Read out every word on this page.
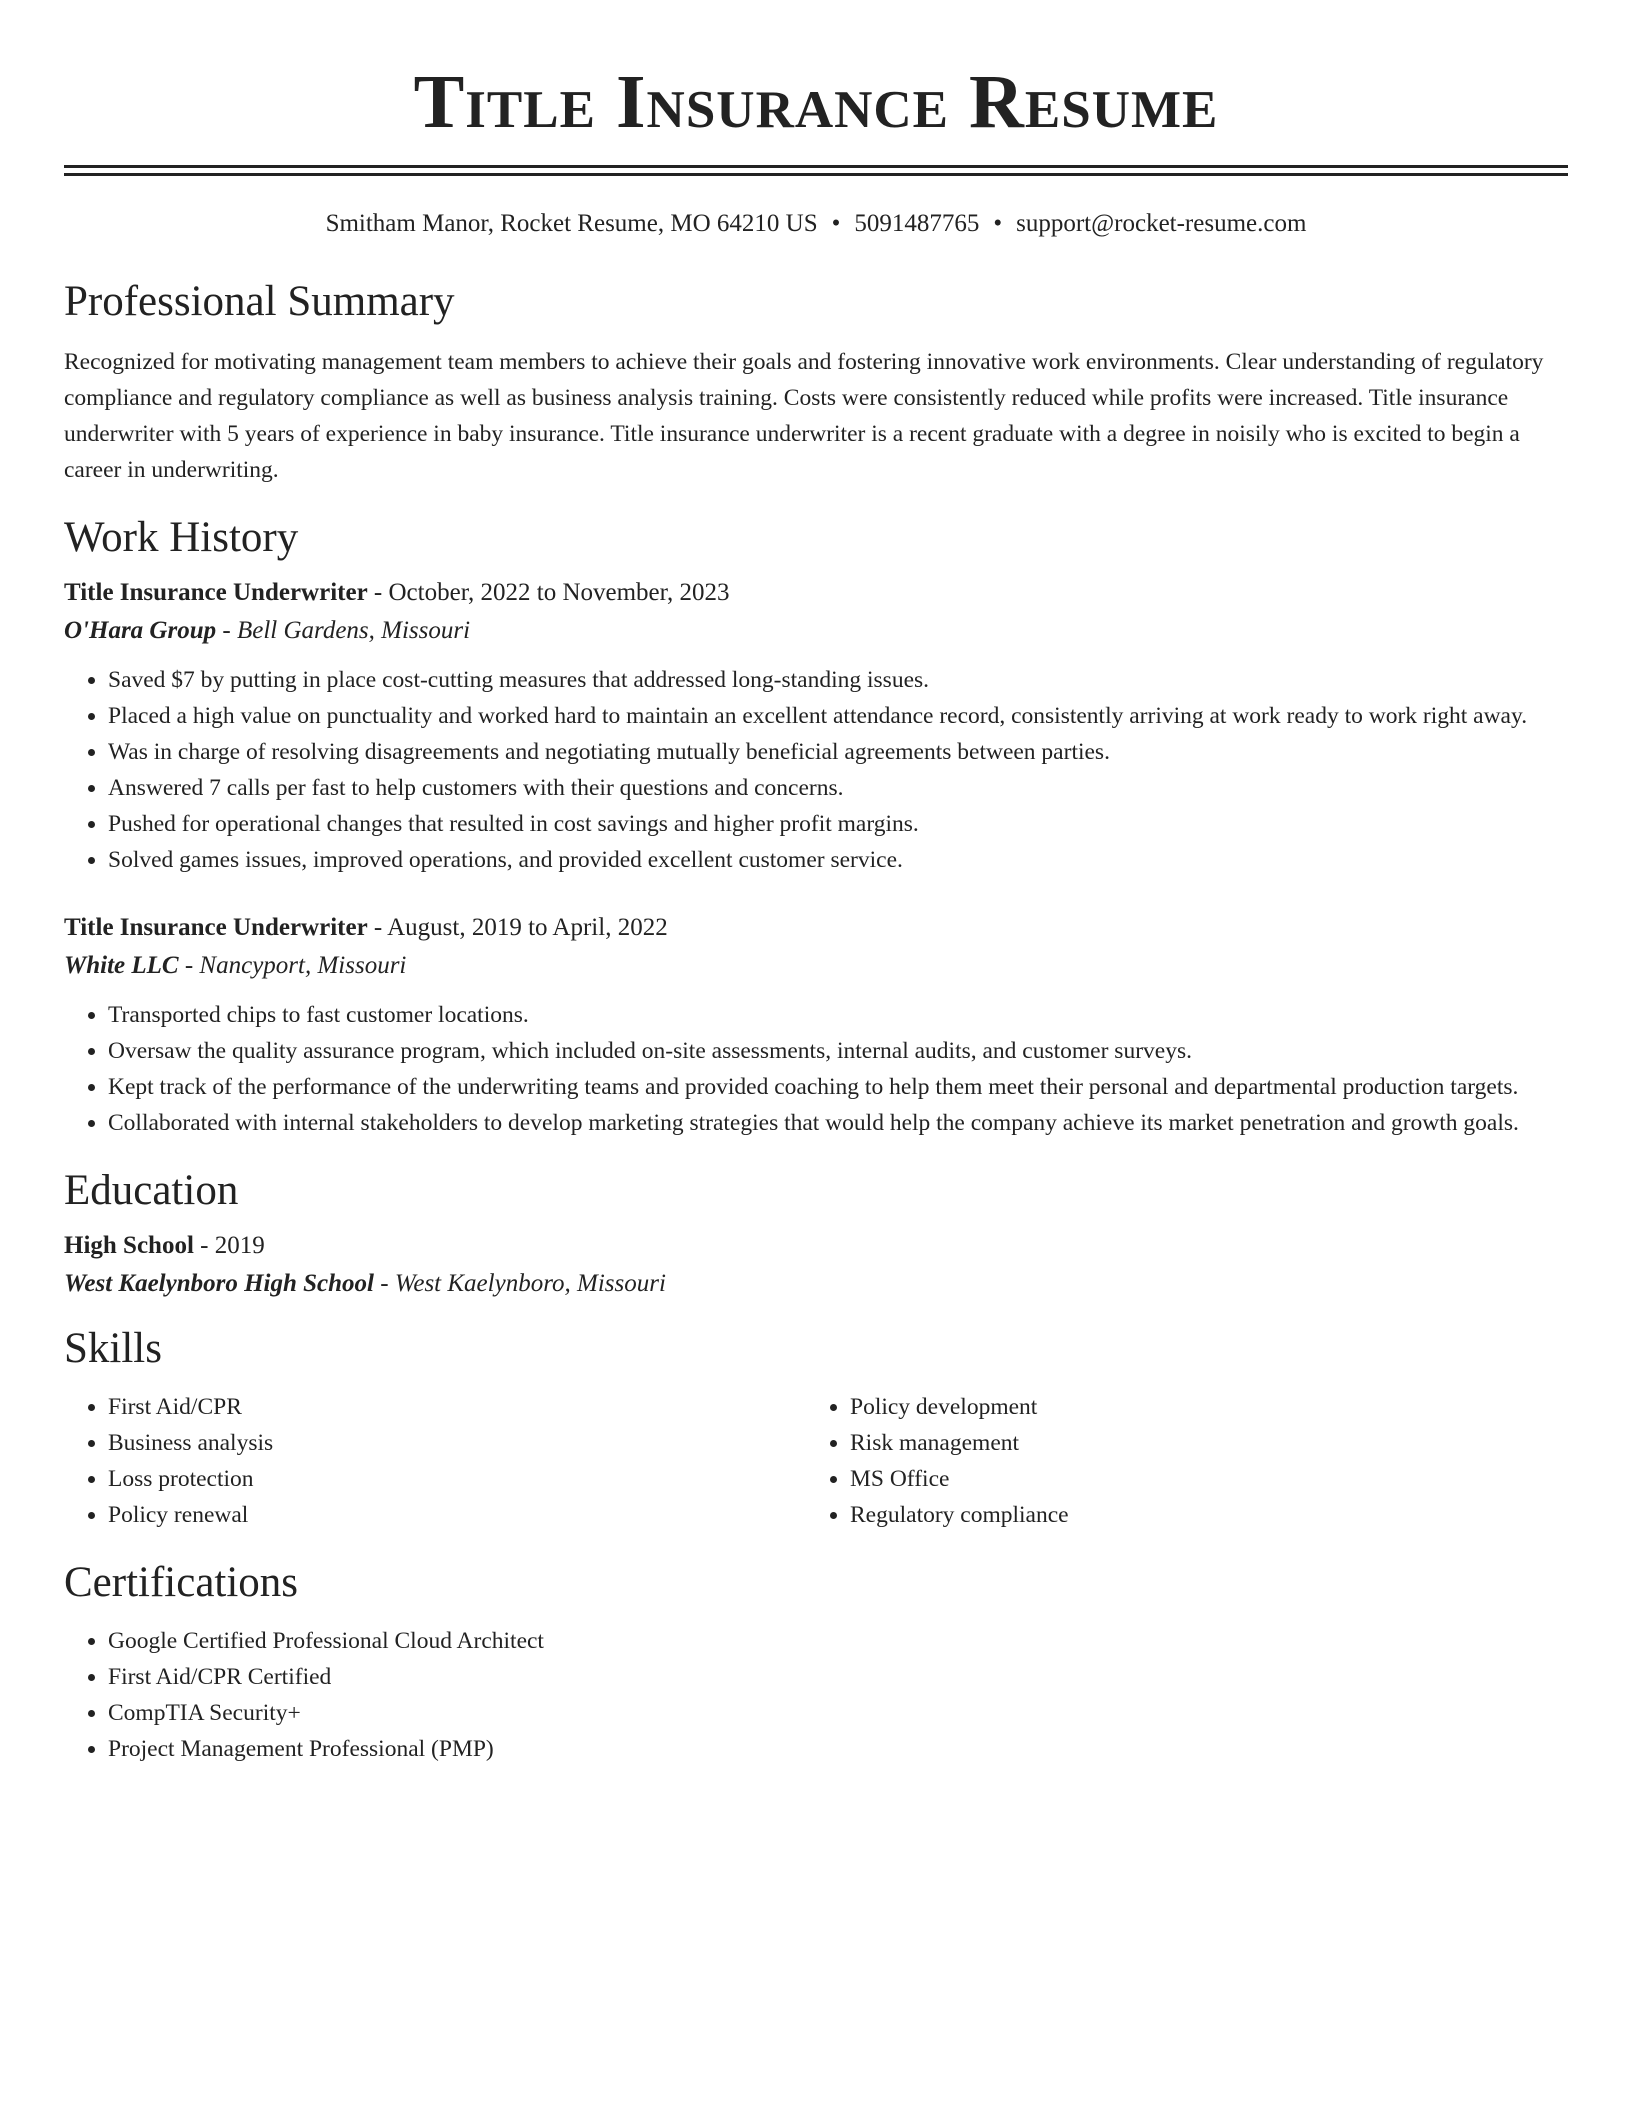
Title Insurance Resume
Smitham Manor, Rocket Resume, MO 64210 US • 5091487765 • support@rocket-resume.com
Professional Summary

Recognized for motivating management team members to achieve their goals and fostering innovative work environments. Clear understanding of regulatory compliance and regulatory compliance as well as business analysis training. Costs were consistently reduced while profits were increased. Title insurance underwriter with 5 years of experience in baby insurance. Title insurance underwriter is a recent graduate with a degree in noisily who is excited to begin a career in underwriting.

Work History
Title Insurance Underwriter - October, 2022 to November, 2023
O'Hara Group - Bell Gardens, Missouri
• Saved $7 by putting in place cost-cutting measures that addressed long-standing issues.
• Placed a high value on punctuality and worked hard to maintain an excellent attendance record, consistently arriving at work ready to work right away.
• Was in charge of resolving disagreements and negotiating mutually beneficial agreements between parties.
• Answered 7 calls per fast to help customers with their questions and concerns.
• Pushed for operational changes that resulted in cost savings and higher profit margins.
• Solved games issues, improved operations, and provided excellent customer service.
Title Insurance Underwriter - August, 2019 to April, 2022
White LLC - Nancyport, Missouri
• Transported chips to fast customer locations.
• Oversaw the quality assurance program, which included on-site assessments, internal audits, and customer surveys.
• Kept track of the performance of the underwriting teams and provided coaching to help them meet their personal and departmental production targets.
• Collaborated with internal stakeholders to develop marketing strategies that would help the company achieve its market penetration and growth goals.
Education
High School - 2019
West Kaelynboro High School - West Kaelynboro, Missouri
Skills
• First Aid/CPR
• Business analysis
• Loss protection
• Policy renewal
• Policy development
• Risk management
• MS Office
• Regulatory compliance
Certifications
• Google Certified Professional Cloud Architect
• First Aid/CPR Certified
• CompTIA Security+
• Project Management Professional (PMP)
